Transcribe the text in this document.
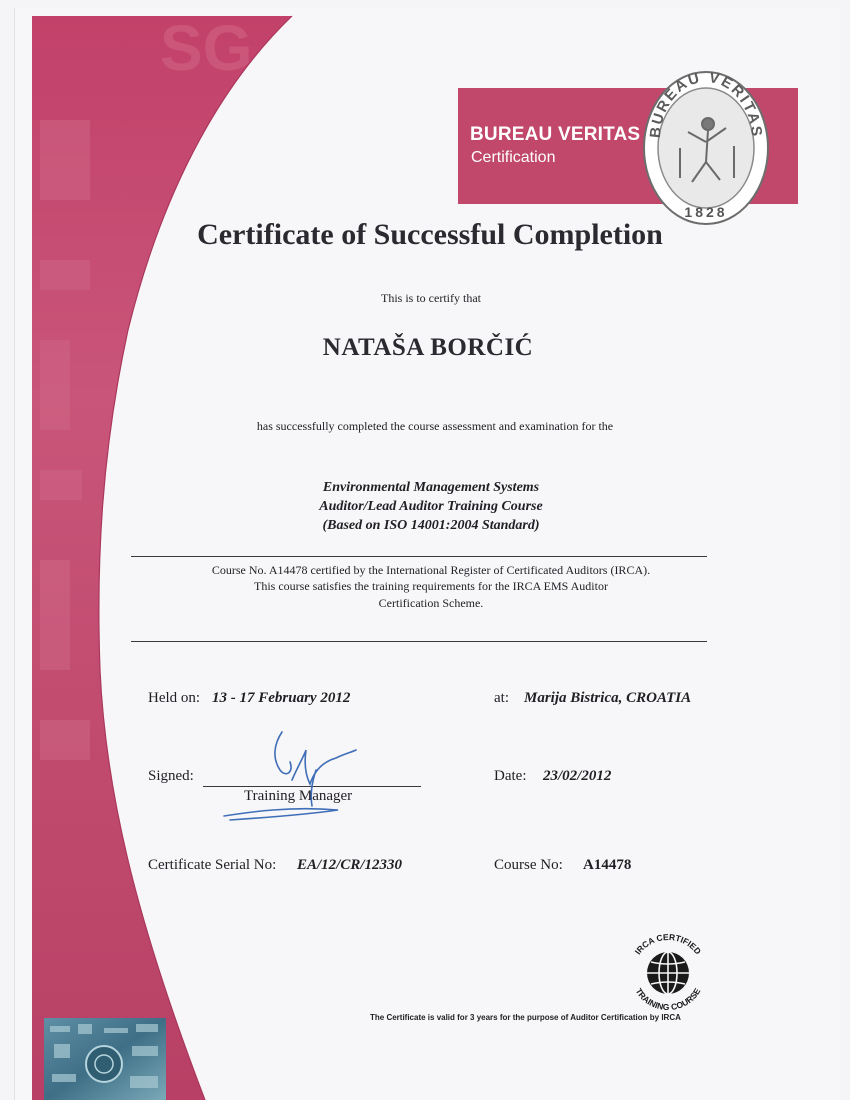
SG
BUREAU VERITAS
Certification
BUREAU VERITAS
1828
Certificate of Successful Completion
This is to certify that
NATAŠA BORČIĆ
has successfully completed the course assessment and examination for the
Environmental Management Systems
Auditor/Lead Auditor Training Course
(Based on ISO 14001:2004 Standard)
Course No. A14478 certified by the International Register of Certificated Auditors (IRCA).
This course satisfies the training requirements for the IRCA EMS Auditor
Certification Scheme.
Held on: 13 - 17 February 2012	at: Marija Bistrica, CROATIA
Signed:
Training Manager
Date: 23/02/2012
Certificate Serial No: EA/12/CR/12330	Course No: A14478
IRCA CERTIFIED
TRAINING COURSE
The Certificate is valid for 3 years for the purpose of Auditor Certification by IRCA
